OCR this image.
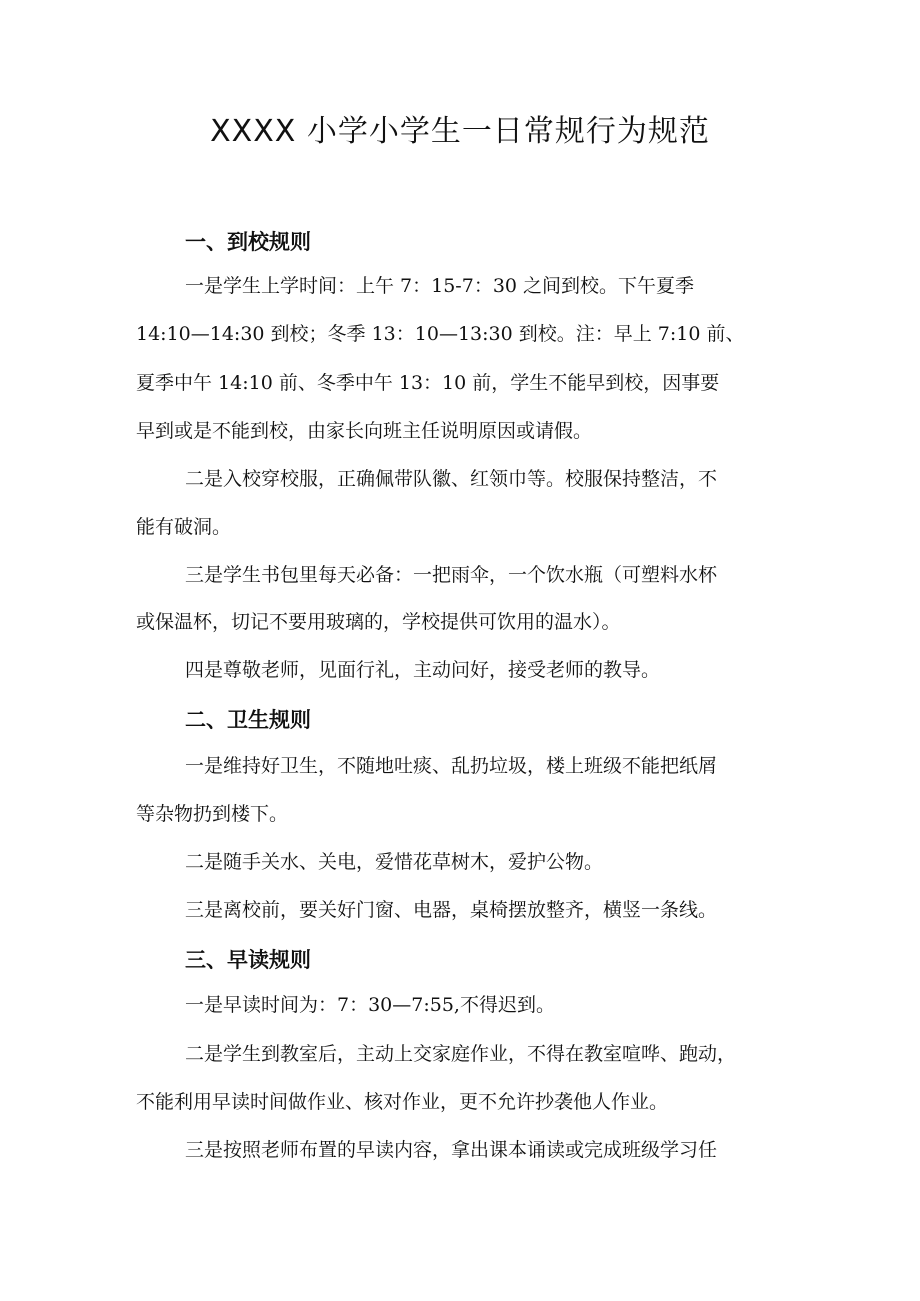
XXXX 小学小学生一日常规行为规范
一、到校规则
一是学生上学时间：上午 7：15-7：30 之间到校。下午夏季
14:10—14:30 到校；冬季 13：10—13:30 到校。注：早上 7:10 前、
夏季中午 14:10 前、冬季中午 13：10 前，学生不能早到校，因事要
早到或是不能到校，由家长向班主任说明原因或请假。
二是入校穿校服，正确佩带队徽、红领巾等。校服保持整洁，不
能有破洞。
三是学生书包里每天必备：一把雨伞，一个饮水瓶（可塑料水杯
或保温杯，切记不要用玻璃的，学校提供可饮用的温水）。
四是尊敬老师，见面行礼，主动问好，接受老师的教导。
二、卫生规则
一是维持好卫生，不随地吐痰、乱扔垃圾，楼上班级不能把纸屑
等杂物扔到楼下。
二是随手关水、关电，爱惜花草树木，爱护公物。
三是离校前，要关好门窗、电器，桌椅摆放整齐，横竖一条线。
三、早读规则
一是早读时间为：7：30—7:55,不得迟到。
二是学生到教室后，主动上交家庭作业，不得在教室喧哗、跑动，
不能利用早读时间做作业、核对作业，更不允许抄袭他人作业。
三是按照老师布置的早读内容，拿出课本诵读或完成班级学习任
